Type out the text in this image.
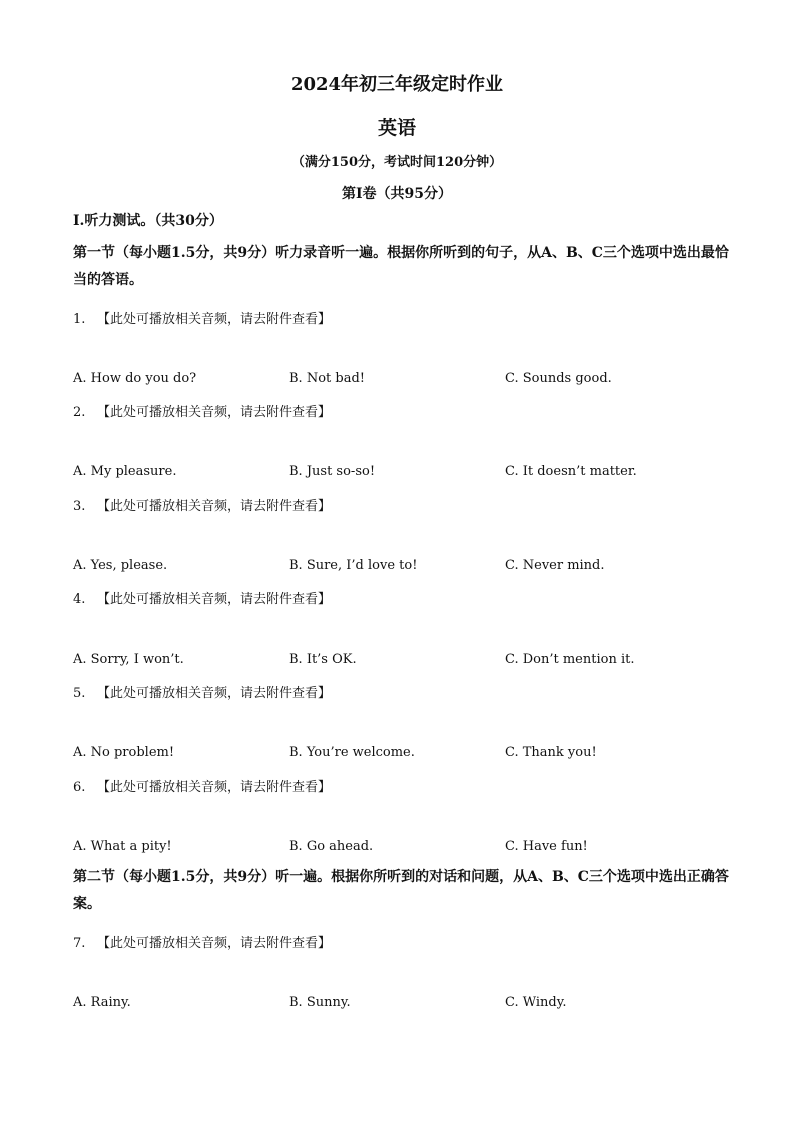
2024年初三年级定时作业
英语

（满分150分，考试时间120分钟）

第Ⅰ卷（共95分）

Ⅰ.听力测试。（共30分）

第一节（每小题1.5分，共9分）听力录音听一遍。根据你所听到的句子，从A、B、C三个选项中选出最恰当的答语。

1. 【此处可播放相关音频，请去附件查看】

A. How do you do?	B. Not bad!	C. Sounds good.

2. 【此处可播放相关音频，请去附件查看】

A. My pleasure.	B. Just so-so!	C. It doesn’t matter.

3. 【此处可播放相关音频，请去附件查看】

A. Yes, please.	B. Sure, I’d love to!	C. Never mind.

4. 【此处可播放相关音频，请去附件查看】

A. Sorry, I won’t.	B. It’s OK.	C. Don’t mention it.

5. 【此处可播放相关音频，请去附件查看】

A. No problem!	B. You’re welcome.	C. Thank you!

6. 【此处可播放相关音频，请去附件查看】

A. What a pity!	B. Go ahead.	C. Have fun!

第二节（每小题1.5分，共9分）听一遍。根据你所听到的对话和问题，从A、B、C三个选项中选出正确答案。

7. 【此处可播放相关音频，请去附件查看】

A. Rainy.	B. Sunny.	C. Windy.
